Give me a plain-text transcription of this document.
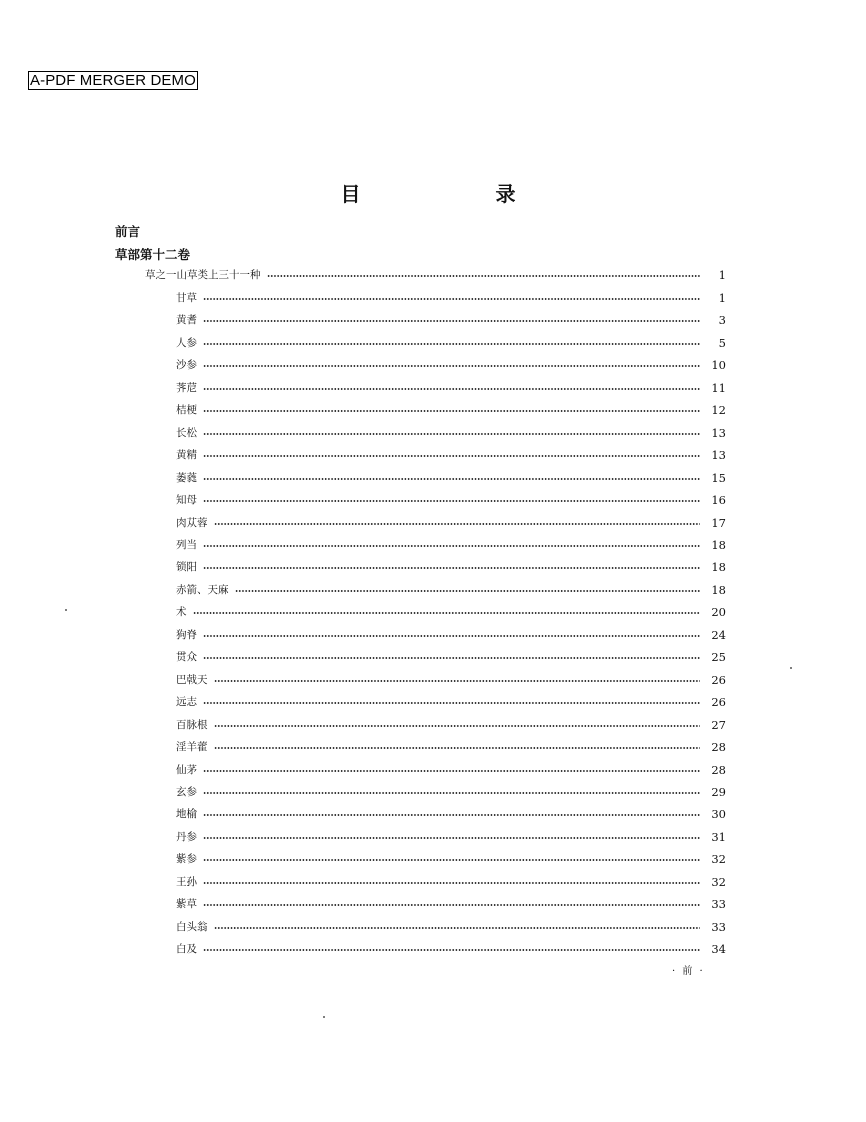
A-PDF MERGER DEMO
目 录
前言
草部第十二卷
草之一山草类上三十一种	1
甘草	1
黄耆	3
人参	5
沙参	10
荠苨	11
桔梗	12
长松	13
黄精	13
萎蕤	15
知母	16
肉苁蓉	17
列当	18
锁阳	18
赤箭、天麻	18
术	20
狗脊	24
贯众	25
巴戟天	26
远志	26
百脉根	27
淫羊藿	28
仙茅	28
玄参	29
地榆	30
丹参	31
紫参	32
王孙	32
紫草	33
白头翁	33
白及	34
· 前 ·
